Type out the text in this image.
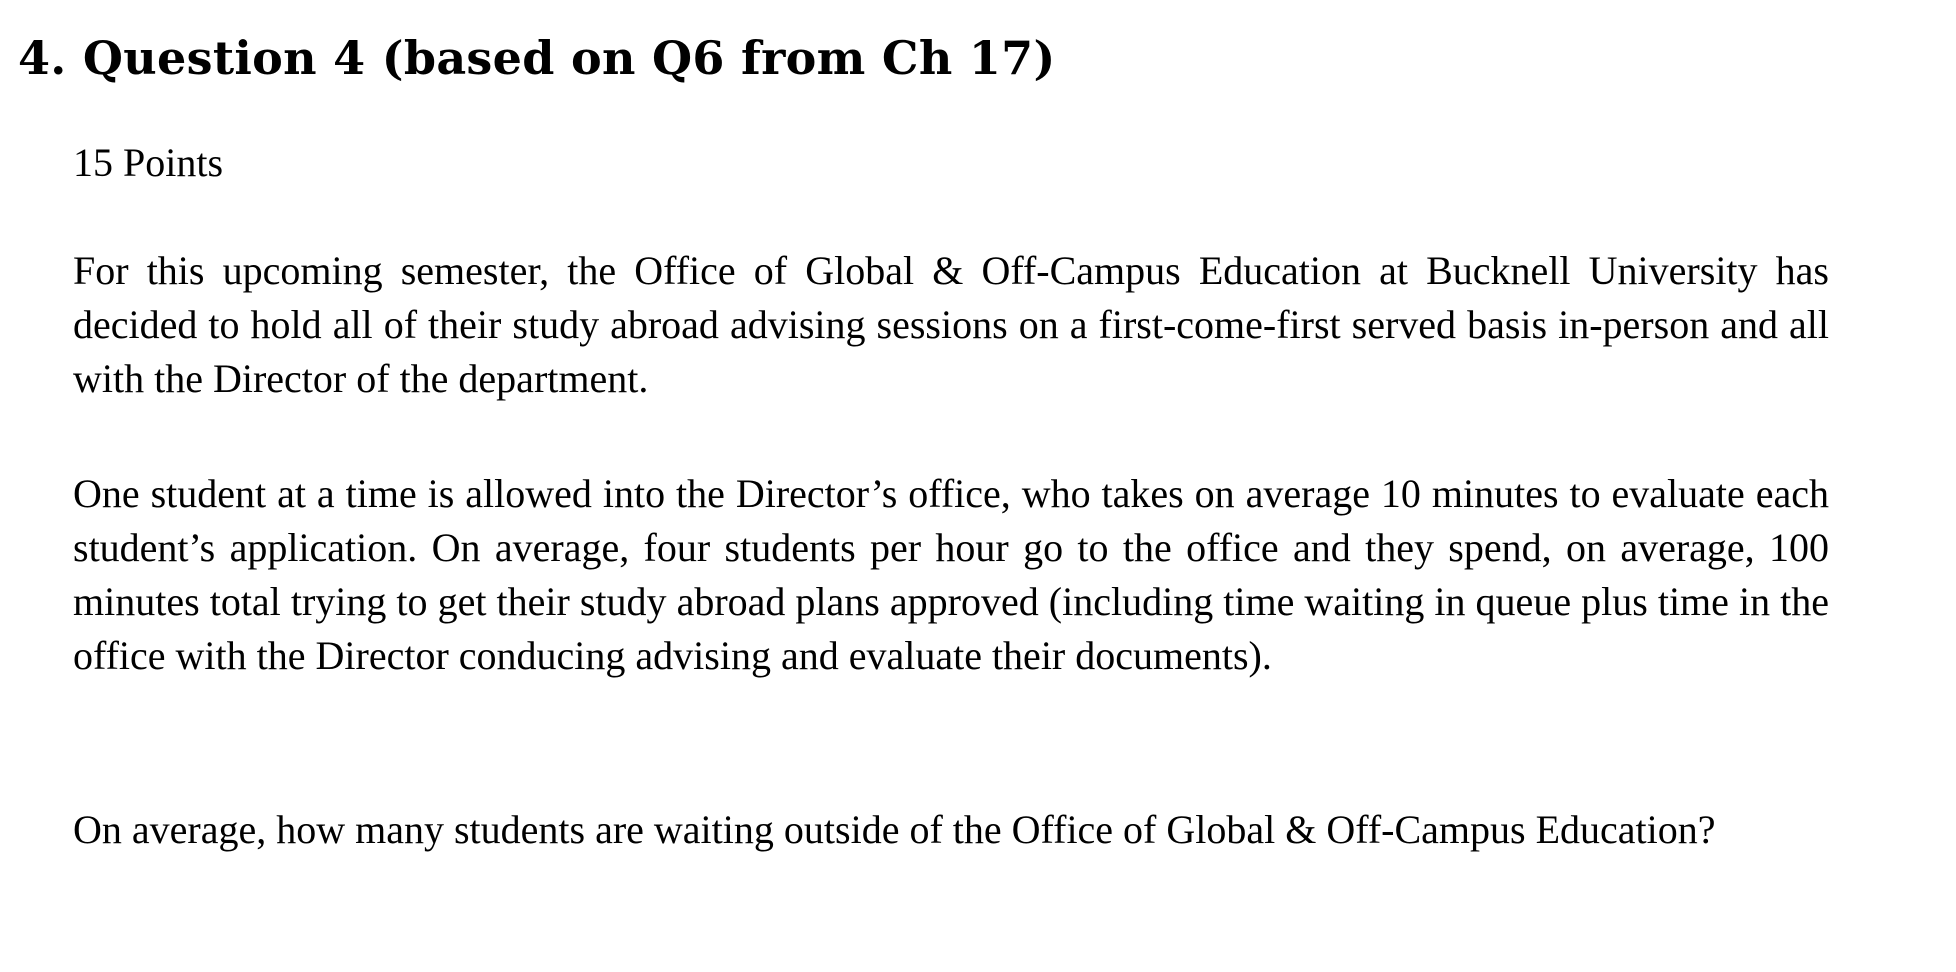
4. Question 4 (based on Q6 from Ch 17)

15 Points

For this upcoming semester, the Office of Global & Off-Campus Education at Bucknell University has decided to hold all of their study abroad advising sessions on a first-come-first served basis in-person and all with the Director of the department.

One student at a time is allowed into the Director’s office, who takes on average 10 minutes to evaluate each student’s application. On average, four students per hour go to the office and they spend, on average, 100 minutes total trying to get their study abroad plans approved (including time waiting in queue plus time in the office with the Director conducing advising and evaluate their documents).

On average, how many students are waiting outside of the Office of Global & Off-Campus Education?
